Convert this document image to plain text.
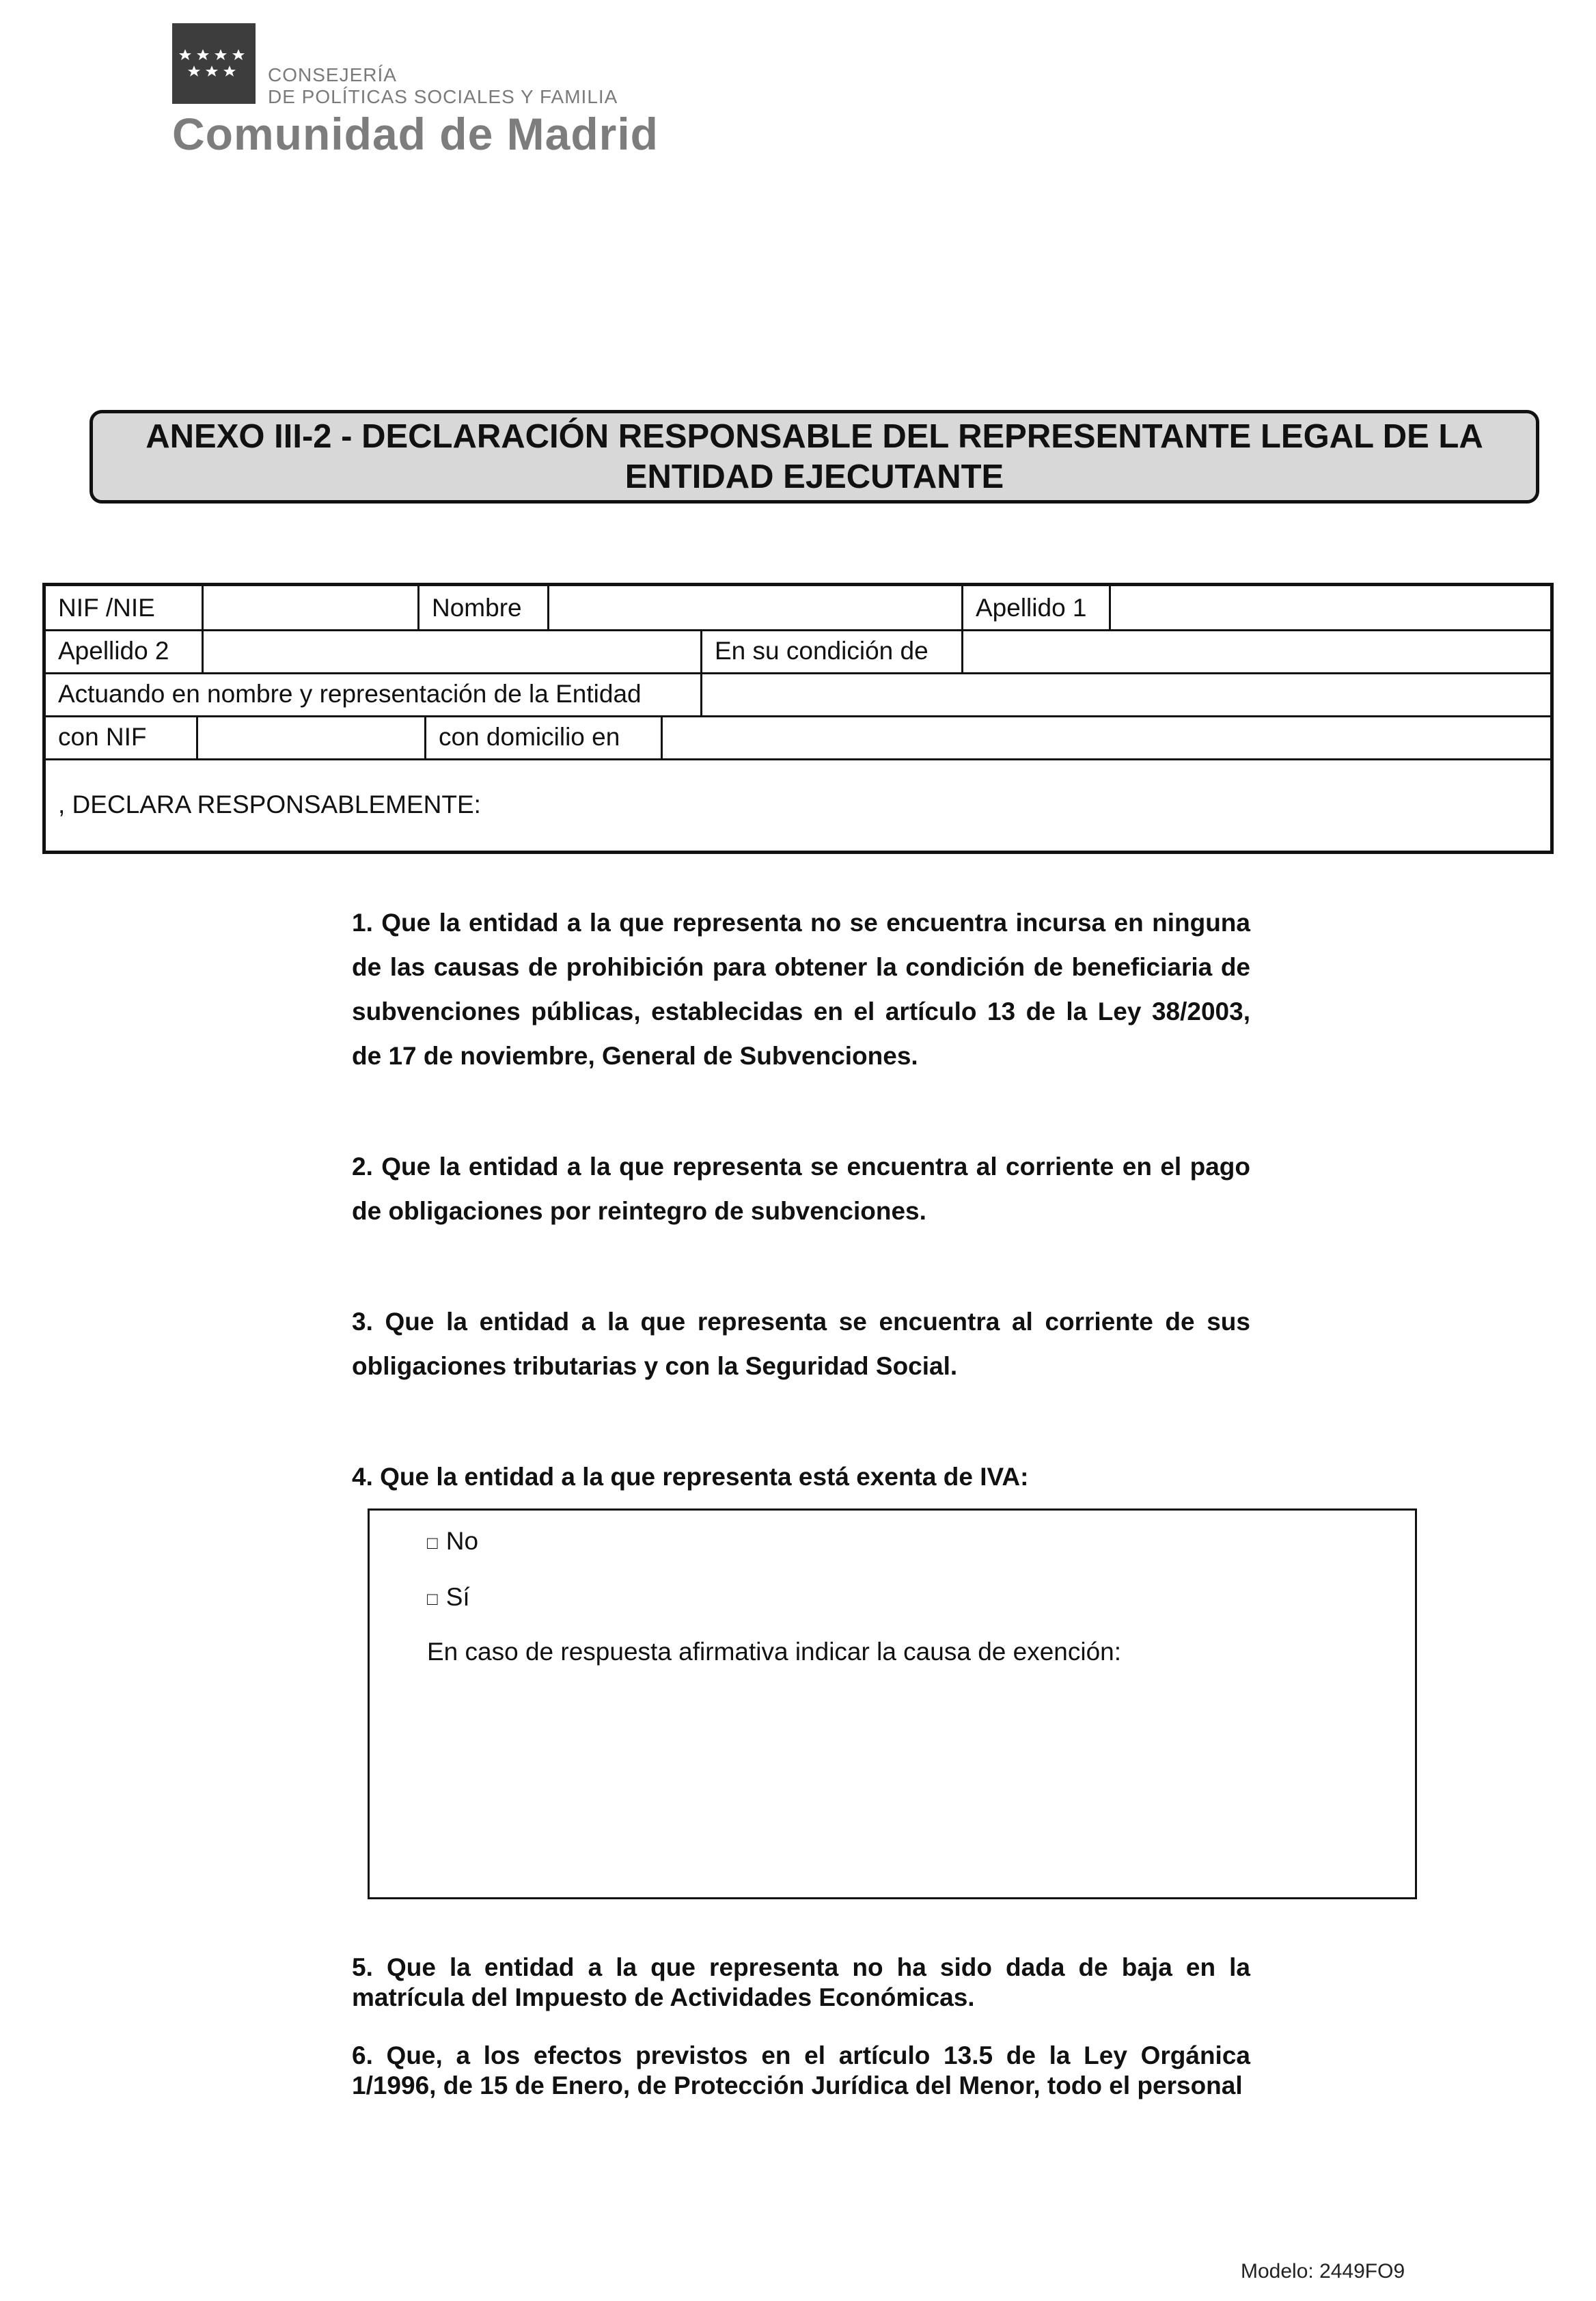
CONSEJERÍA
DE POLÍTICAS SOCIALES Y FAMILIA
Comunidad de Madrid
ANEXO III-2 - DECLARACIÓN RESPONSABLE DEL REPRESENTANTE LEGAL DE LA ENTIDAD EJECUTANTE
NIF /NIE	Nombre	Apellido 1
Apellido 2	En su condición de
Actuando en nombre y representación de la Entidad
con NIF	con domicilio en
, DECLARA RESPONSABLEMENTE:
1. Que la entidad a la que representa no se encuentra incursa en ninguna de las causas de prohibición para obtener la condición de beneficiaria de subvenciones públicas, establecidas en el artículo 13 de la Ley 38/2003, de 17 de noviembre, General de Subvenciones.
2. Que la entidad a la que representa se encuentra al corriente en el pago de obligaciones por reintegro de subvenciones.
3. Que la entidad a la que representa se encuentra al corriente de sus obligaciones tributarias y con la Seguridad Social.
4. Que la entidad a la que representa está exenta de IVA:
□ No
□ Sí
En caso de respuesta afirmativa indicar la causa de exención:
5. Que la entidad a la que representa no ha sido dada de baja en la matrícula del Impuesto de Actividades Económicas.
6. Que, a los efectos previstos en el artículo 13.5 de la Ley Orgánica 1/1996, de 15 de Enero, de Protección Jurídica del Menor, todo el personal
Modelo: 2449FO9
